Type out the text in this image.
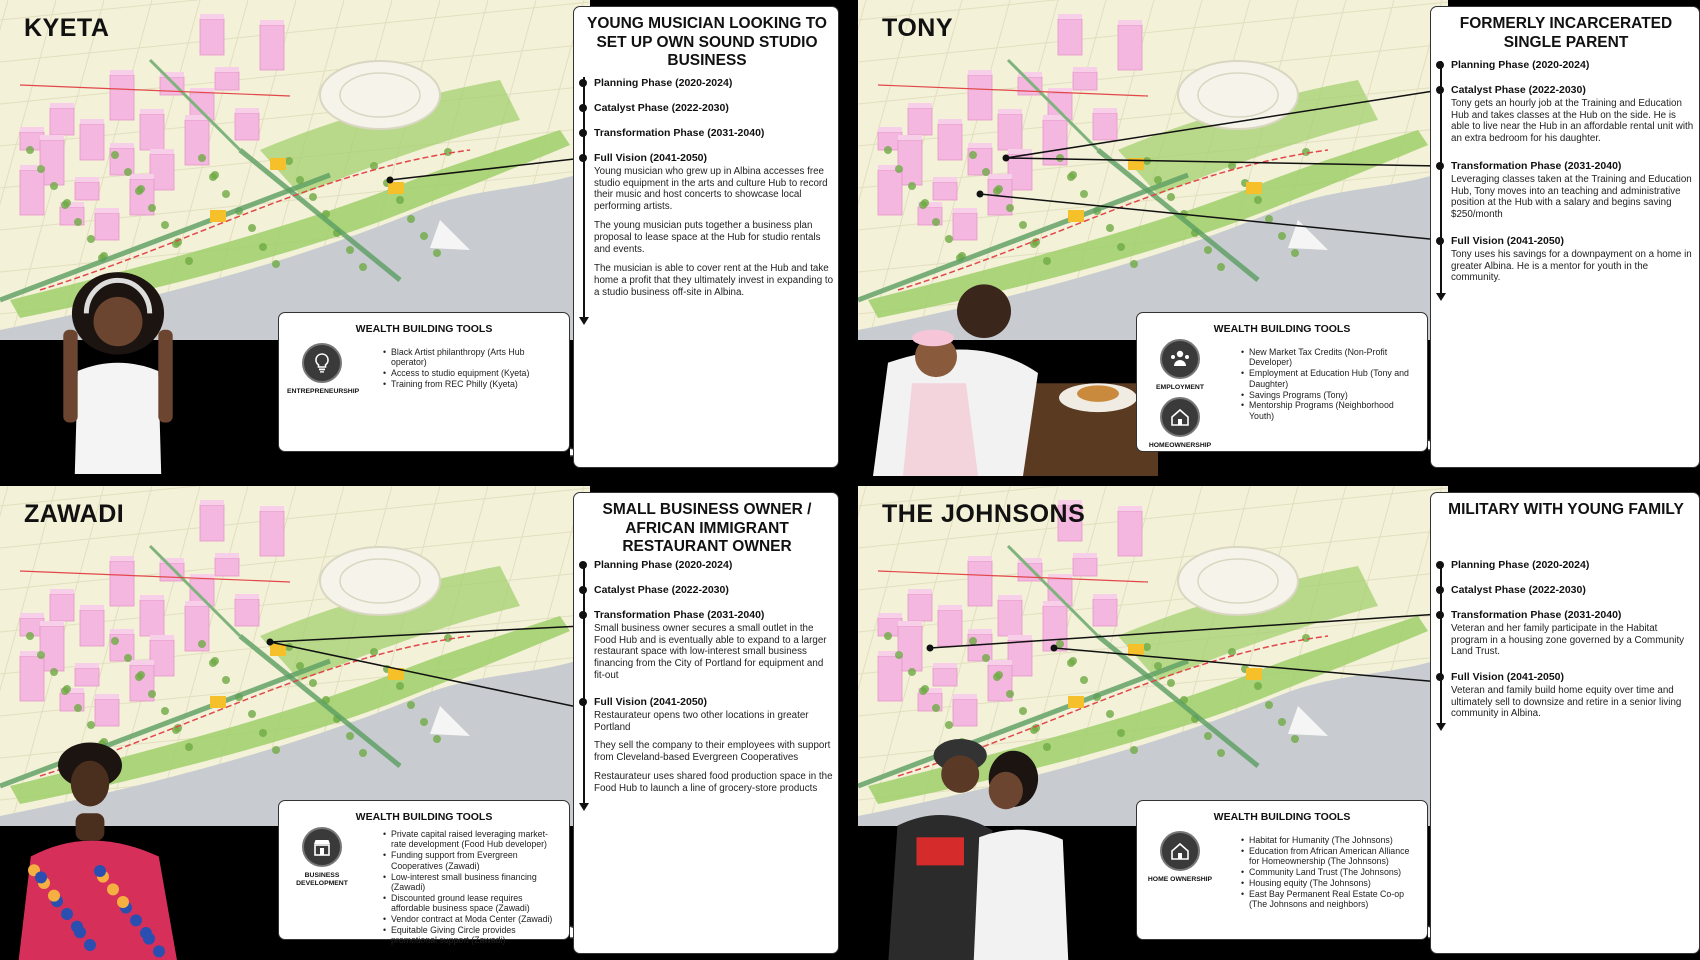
KYETA
WEALTH BUILDING TOOLS
ENTREPRENEURSHIP
• Black Artist philanthropy (Arts Hub operator)
• Access to studio equipment (Kyeta)
• Training from REC Philly (Kyeta)
YOUNG MUSICIAN LOOKING TO SET UP OWN SOUND STUDIO BUSINESS
Planning Phase (2020-2024)
Catalyst Phase (2022-2030)
Transformation Phase (2031-2040)
Full Vision (2041-2050)
Young musician who grew up in Albina accesses free studio equipment in the arts and culture Hub to record their music and host concerts to showcase local performing artists.
The young musician puts together a business plan proposal to lease space at the Hub for studio rentals and events.
The musician is able to cover rent at the Hub and take home a profit that they ultimately invest in expanding to a studio business off-site in Albina.
TONY
WEALTH BUILDING TOOLS
EMPLOYMENT
HOMEOWNERSHIP
• New Market Tax Credits (Non-Profit Developer)
• Employment at Education Hub (Tony and Daughter)
• Savings Programs (Tony)
• Mentorship Programs (Neighborhood Youth)
FORMERLY INCARCERATED SINGLE PARENT
Planning Phase (2020-2024)
Catalyst Phase (2022-2030)
Tony gets an hourly job at the Training and Education Hub and takes classes at the Hub on the side. He is able to live near the Hub in an affordable rental unit with an extra bedroom for his daughter.
Transformation Phase (2031-2040)
Leveraging classes taken at the Training and Education Hub, Tony moves into an teaching and administrative position at the Hub with a salary and begins saving $250/month
Full Vision (2041-2050)
Tony uses his savings for a downpayment on a home in greater Albina. He is a mentor for youth in the community.
ZAWADI
WEALTH BUILDING TOOLS
BUSINESS DEVELOPMENT
• Private capital raised leveraging market-rate development (Food Hub developer)
• Funding support from Evergreen Cooperatives (Zawadi)
• Low-interest small business financing (Zawadi)
• Discounted ground lease requires affordable business space (Zawadi)
• Vendor contract at Moda Center (Zawadi)
• Equitable Giving Circle provides promotional support (Zawadi)
SMALL BUSINESS OWNER / AFRICAN IMMIGRANT RESTAURANT OWNER
Planning Phase (2020-2024)
Catalyst Phase (2022-2030)
Transformation Phase (2031-2040)
Small business owner secures a small outlet in the Food Hub and is eventually able to expand to a larger restaurant space with low-interest small business financing from the City of Portland for equipment and fit-out
Full Vision (2041-2050)
Restaurateur opens two other locations in greater Portland
They sell the company to their employees with support from Cleveland-based Evergreen Cooperatives
Restaurateur uses shared food production space in the Food Hub to launch a line of grocery-store products
THE JOHNSONS
WEALTH BUILDING TOOLS
HOME OWNERSHIP
• Habitat for Humanity (The Johnsons)
• Education from African American Alliance for Homeownership (The Johnsons)
• Community Land Trust (The Johnsons)
• Housing equity (The Johnsons)
• East Bay Permanent Real Estate Co-op (The Johnsons and neighbors)
MILITARY WITH YOUNG FAMILY
Planning Phase (2020-2024)
Catalyst Phase (2022-2030)
Transformation Phase (2031-2040)
Veteran and her family participate in the Habitat program in a housing zone governed by a Community Land Trust.
Full Vision (2041-2050)
Veteran and family build home equity over time and ultimately sell to downsize and retire in a senior living community in Albina.
